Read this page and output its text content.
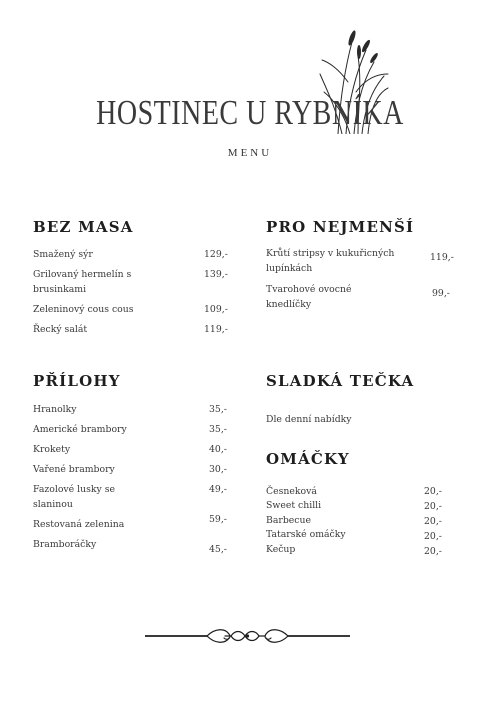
HOSTINEC U RYBNÍKA
MENU
BEZ MASA
Smažený sýr	129,-
Grilovaný hermelín s brusinkami
139,-
Zeleninový cous cous	109,-
Řecký salát	119,-
PRO NEJMENŠÍ
Krůtí stripsy v kukuřicných lupínkách
119,-
Tvarohové ovocné knedlíčky
99,-
PŘÍLOHY
Hranolky	35,-
Americké brambory	35,-
Krokety	40,-
Vařené brambory	30,-
Fazolové lusky se slaninou
49,-
Restovaná zelenina	59,-
Bramboráčky	45,-
SLADKÁ TEČKA
Dle denní nabídky
OMÁČKY
Česneková	20,-
Sweet chilli	20,-
Barbecue	20,-
Tatarské omáčky	20,-
Kečup	20,-
